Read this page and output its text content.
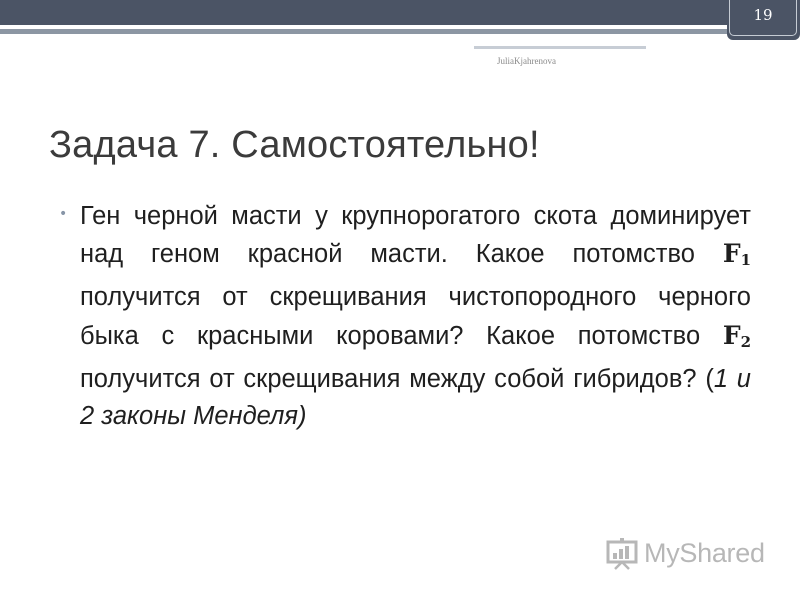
19
JuliaKjahrenova
Задача 7. Самостоятельно!
• Ген черной масти у крупнорогатого скота доминирует над геном красной масти. Какое потомство $F_1$ получится от скрещивания чистопородного черного быка с красными коровами? Какое потомство $F_2$ получится от скрещивания между собой гибридов? (1 и 2 законы Менделя)

MyShared
